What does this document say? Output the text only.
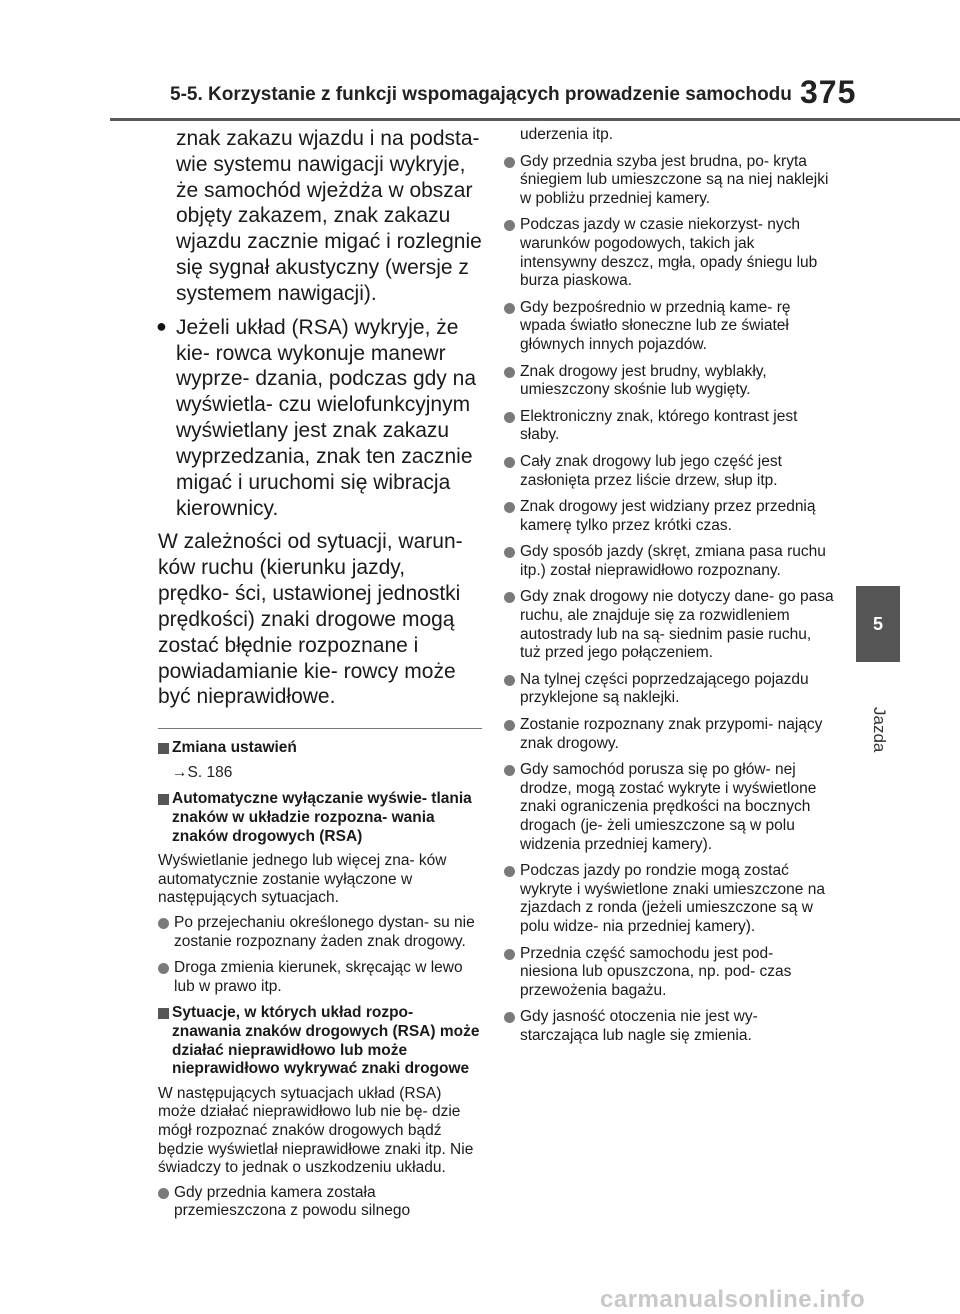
5-5. Korzystanie z funkcji wspomagających prowadzenie samochodu 375
5
Jazda

znak zakazu wjazdu i na podsta- wie systemu nawigacji wykryje, że samochód wjeżdża w obszar objęty zakazem, znak zakazu wjazdu zacznie migać i rozlegnie się sygnał akustyczny (wersje z systemem nawigacji).

● Jeżeli układ (RSA) wykryje, że kie- rowca wykonuje manewr wyprze- dzania, podczas gdy na wyświetla- czu wielofunkcyjnym wyświetlany jest znak zakazu wyprzedzania, znak ten zacznie migać i uruchomi się wibracja kierownicy.

W zależności od sytuacji, warun- ków ruchu (kierunku jazdy, prędko- ści, ustawionej jednostki prędkości) znaki drogowe mogą zostać błędnie rozpoznane i powiadamianie kie- rowcy może być nieprawidłowe.

Zmiana ustawień
→S. 186
Automatyczne wyłączanie wyświe- tlania znaków w układzie rozpozna- wania znaków drogowych (RSA)

Wyświetlanie jednego lub więcej zna- ków automatycznie zostanie wyłączone w następujących sytuacjach.

Po przejechaniu określonego dystan- su nie zostanie rozpoznany żaden znak drogowy.
Droga zmienia kierunek, skręcając w lewo lub w prawo itp.
Sytuacje, w których układ rozpo- znawania znaków drogowych (RSA) może działać nieprawidłowo lub może nieprawidłowo wykrywać znaki drogowe

W następujących sytuacjach układ (RSA) może działać nieprawidłowo lub nie bę- dzie mógł rozpoznać znaków drogowych bądź będzie wyświetlał nieprawidłowe znaki itp. Nie świadczy to jednak o uszkodzeniu układu.

Gdy przednia kamera została przemieszczona z powodu silnego

uderzenia itp.

Gdy przednia szyba jest brudna, po- kryta śniegiem lub umieszczone są na niej naklejki w pobliżu przedniej kamery.
Podczas jazdy w czasie niekorzyst- nych warunków pogodowych, takich jak intensywny deszcz, mgła, opady śniegu lub burza piaskowa.
Gdy bezpośrednio w przednią kame- rę wpada światło słoneczne lub ze świateł głównych innych pojazdów.
Znak drogowy jest brudny, wyblakły, umieszczony skośnie lub wygięty.
Elektroniczny znak, którego kontrast jest słaby.
Cały znak drogowy lub jego część jest zasłonięta przez liście drzew, słup itp.
Znak drogowy jest widziany przez przednią kamerę tylko przez krótki czas.
Gdy sposób jazdy (skręt, zmiana pasa ruchu itp.) został nieprawidłowo rozpoznany.
Gdy znak drogowy nie dotyczy dane- go pasa ruchu, ale znajduje się za rozwidleniem autostrady lub na są- siednim pasie ruchu, tuż przed jego połączeniem.
Na tylnej części poprzedzającego pojazdu przyklejone są naklejki.
Zostanie rozpoznany znak przypomi- nający znak drogowy.
Gdy samochód porusza się po głów- nej drodze, mogą zostać wykryte i wyświetlone znaki ograniczenia prędkości na bocznych drogach (je- żeli umieszczone są w polu widzenia przedniej kamery).
Podczas jazdy po rondzie mogą zostać wykryte i wyświetlone znaki umieszczone na zjazdach z ronda (jeżeli umieszczone są w polu widze- nia przedniej kamery).
Przednia część samochodu jest pod- niesiona lub opuszczona, np. pod- czas przewożenia bagażu.
Gdy jasność otoczenia nie jest wy- starczająca lub nagle się zmienia.
carmanualsonline.info
